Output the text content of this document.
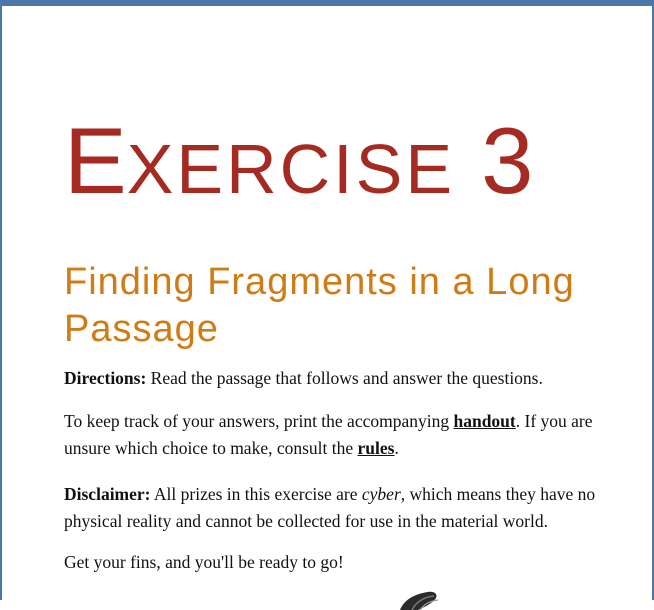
EXERCISE 3
Finding Fragments in a Long Passage

Directions: Read the passage that follows and answer the questions.

To keep track of your answers, print the accompanying handout. If you are unsure which choice to make, consult the rules.

Disclaimer: All prizes in this exercise are cyber, which means they have no physical reality and cannot be collected for use in the material world.

Get your fins, and you'll be ready to go!
